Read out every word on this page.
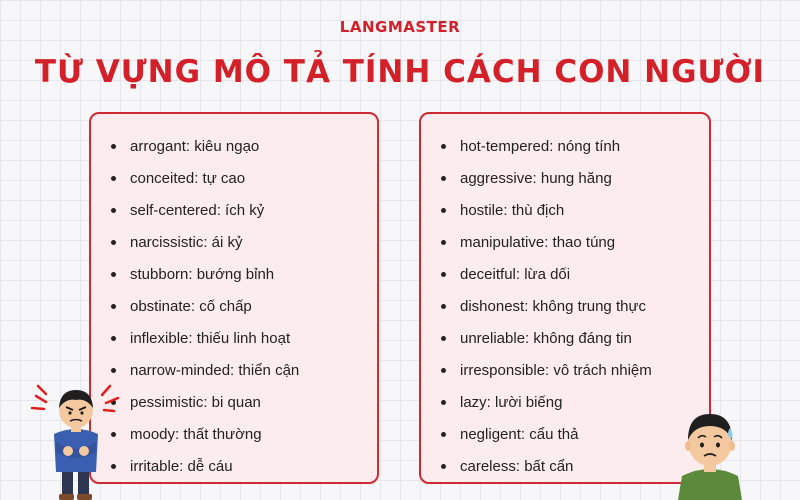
LANGMASTER
TỪ VỰNG MÔ TẢ TÍNH CÁCH CON NGƯỜI
arrogant: kiêu ngạo
conceited: tự cao
self-centered: ích kỷ
narcissistic: ái kỷ
stubborn: bướng bỉnh
obstinate: cố chấp
inflexible: thiếu linh hoạt
narrow-minded: thiển cận
pessimistic: bi quan
moody: thất thường
irritable: dễ cáu
hot-tempered: nóng tính
aggressive: hung hăng
hostile: thù địch
manipulative: thao túng
deceitful: lừa dối
dishonest: không trung thực
unreliable: không đáng tin
irresponsible: vô trách nhiệm
lazy: lười biếng
negligent: cẩu thả
careless: bất cẩn
